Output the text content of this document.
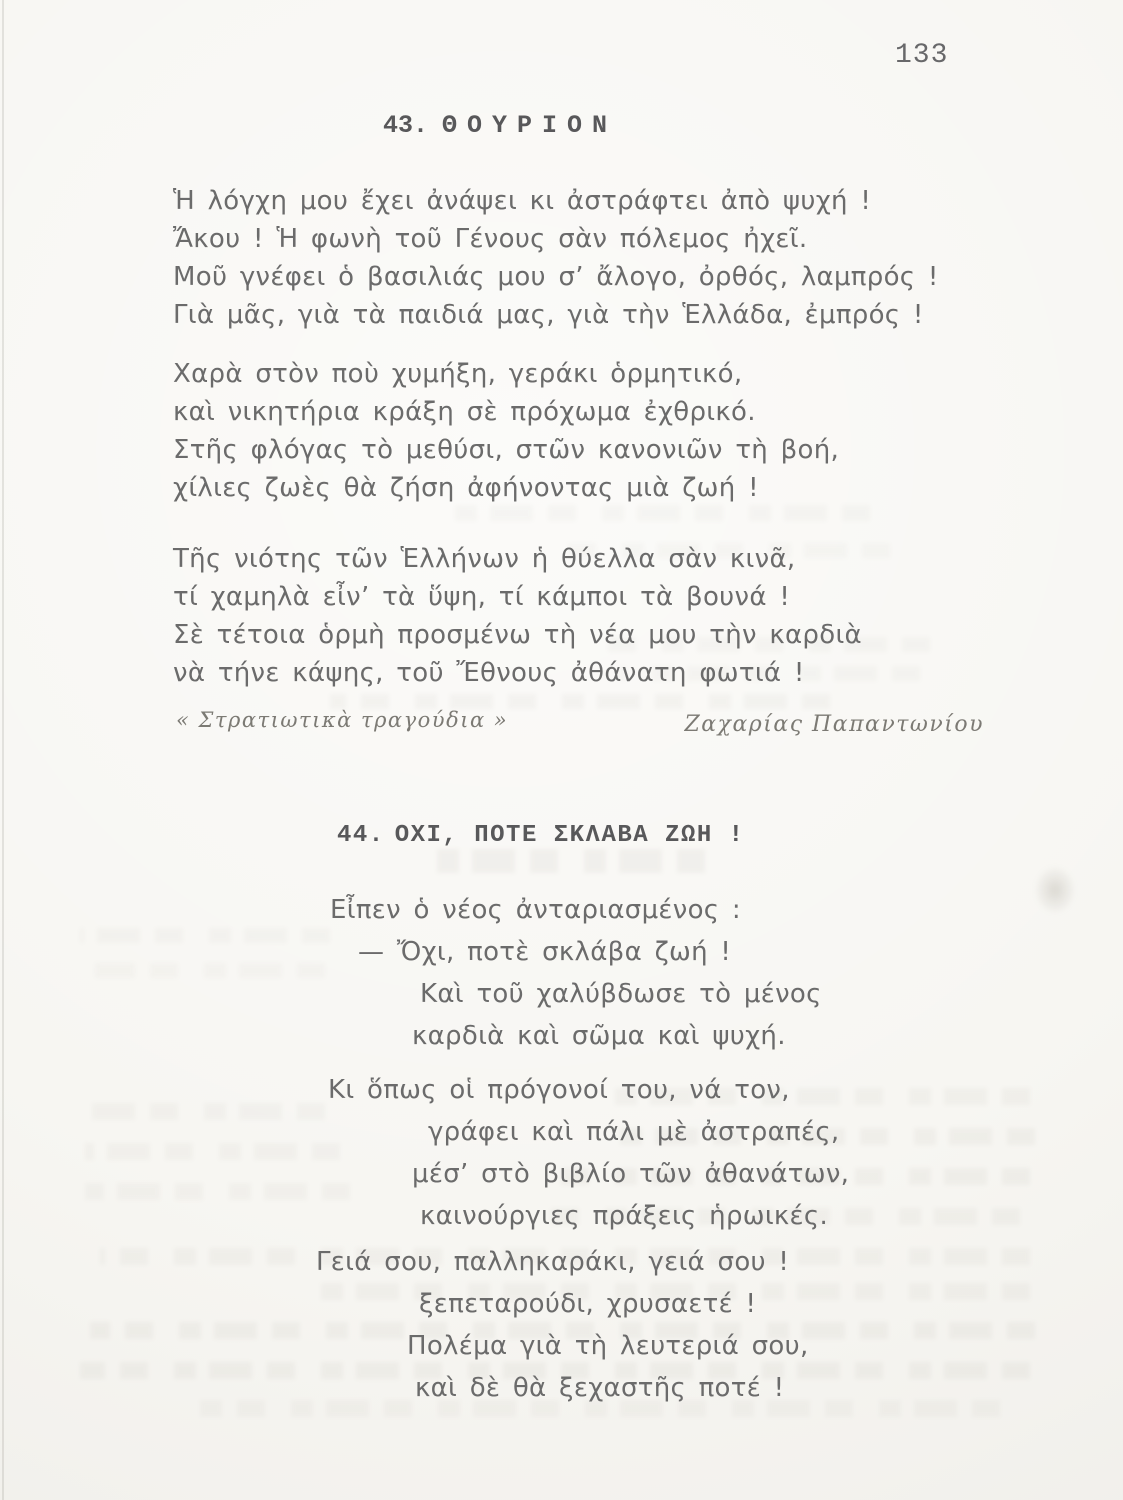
133
43. ΘΟΥΡΙΟΝ
Ἡ λόγχη μου ἔχει ἀνάψει κι ἀστράφτει ἀπὸ ψυχή !
Ἄκου ! Ἡ φωνὴ τοῦ Γένους σὰν πόλεμος ἠχεῖ.
Μοῦ γνέφει ὁ βασιλιάς μου σ’ ἄλογο, ὀρθός, λαμπρός !
Γιὰ μᾶς, γιὰ τὰ παιδιά μας, γιὰ τὴν Ἑλλάδα, ἐμπρός !
Χαρὰ στὸν ποὺ χυμήξη, γεράκι ὁρμητικό,
καὶ νικητήρια κράξη σὲ πρόχωμα ἐχθρικό.
Στῆς φλόγας τὸ μεθύσι, στῶν κανονιῶν τὴ βοή,
χίλιες ζωὲς θὰ ζήση ἀφήνοντας μιὰ ζωή !
Τῆς νιότης τῶν Ἑλλήνων ἡ θύελλα σὰν κινᾶ,
τί χαμηλὰ εἶν’ τὰ ὕψη, τί κάμποι τὰ βουνά !
Σὲ τέτοια ὁρμὴ προσμένω τὴ νέα μου τὴν καρδιὰ
νὰ τήνε κάψης, τοῦ Ἔθνους ἀθάνατη φωτιά !
« Στρατιωτικὰ τραγούδια »	Ζαχαρίας Παπαντωνίου
44. ΟΧΙ, ΠΟΤΕ ΣΚΛΑΒΑ ΖΩΗ !
Εἶπεν ὁ νέος ἀνταριασμένος :
— Ὄχι, ποτὲ σκλάβα ζωή !
Καὶ τοῦ χαλύβδωσε τὸ μένος
καρδιὰ καὶ σῶμα καὶ ψυχή.
Κι ὅπως οἱ πρόγονοί του, νά τον,
γράφει καὶ πάλι μὲ ἀστραπές,
μέσ’ στὸ βιβλίο τῶν ἀθανάτων,
καινούργιες πράξεις ἡρωικές.
Γειά σου, παλληκαράκι, γειά σου !
ξεπεταρούδι, χρυσαετέ !
Πολέμα γιὰ τὴ λευτεριά σου,
καὶ δὲ θὰ ξεχαστῆς ποτέ !
